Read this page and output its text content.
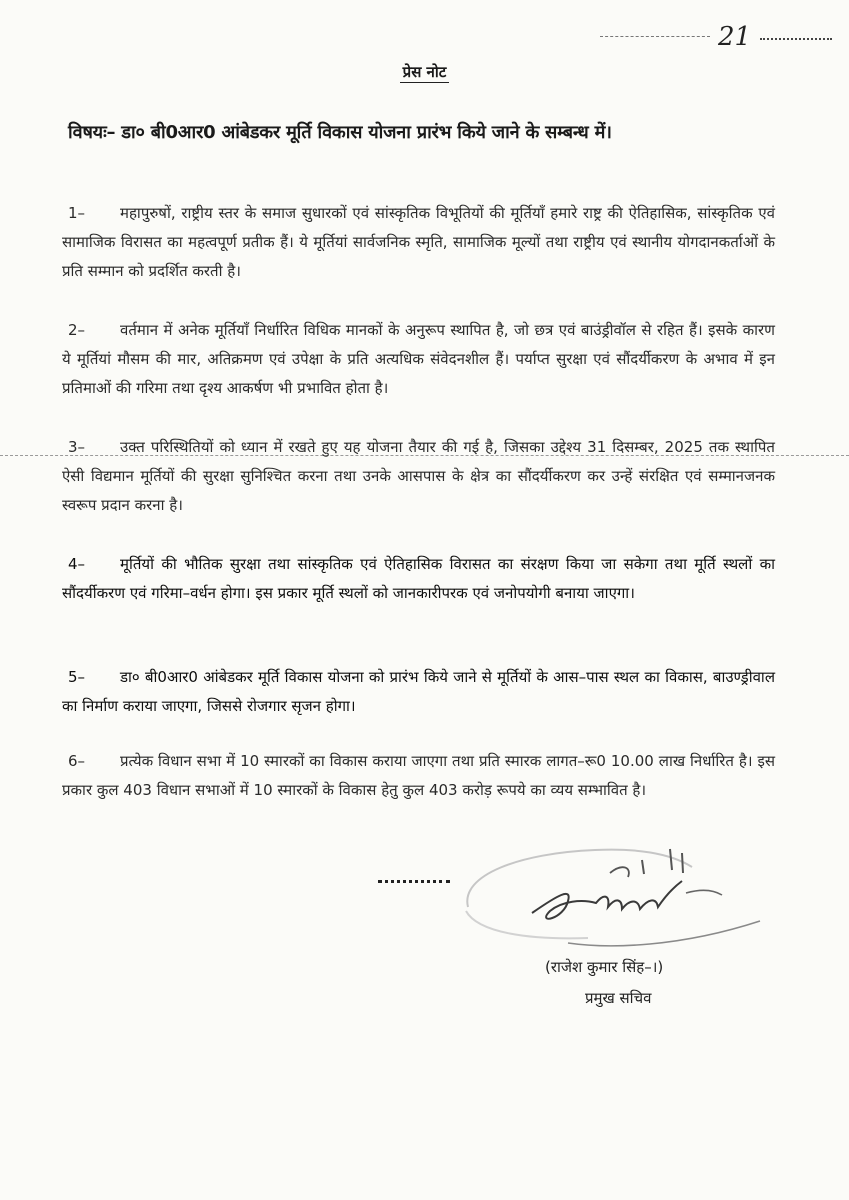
21
प्रेस नोट
विषयः– डा० बी0आर0 आंबेडकर मूर्ति विकास योजना प्रारंभ किये जाने के सम्बन्ध में।
1– महापुरुषों, राष्ट्रीय स्तर के समाज सुधारकों एवं सांस्कृतिक विभूतियों की मूर्तियाँ हमारे राष्ट्र की ऐतिहासिक, सांस्कृतिक एवं सामाजिक विरासत का महत्वपूर्ण प्रतीक हैं। ये मूर्तियां सार्वजनिक स्मृति, सामाजिक मूल्यों तथा राष्ट्रीय एवं स्थानीय योगदानकर्ताओं के प्रति सम्मान को प्रदर्शित करती है।
2– वर्तमान में अनेक मूर्तियाँ निर्धारित विधिक मानकों के अनुरूप स्थापित है, जो छत्र एवं बाउंड्रीवॉल से रहित हैं। इसके कारण ये मूर्तियां मौसम की मार, अतिक्रमण एवं उपेक्षा के प्रति अत्यधिक संवेदनशील हैं। पर्याप्त सुरक्षा एवं सौंदर्यीकरण के अभाव में इन प्रतिमाओं की गरिमा तथा दृश्य आकर्षण भी प्रभावित होता है।
3– उक्त परिस्थितियों को ध्यान में रखते हुए यह योजना तैयार की गई है, जिसका उद्देश्य 31 दिसम्बर, 2025 तक स्थापित ऐसी विद्यमान मूर्तियों की सुरक्षा सुनिश्चित करना तथा उनके आसपास के क्षेत्र का सौंदर्यीकरण कर उन्हें संरक्षित एवं सम्मानजनक स्वरूप प्रदान करना है।
4– मूर्तियों की भौतिक सुरक्षा तथा सांस्कृतिक एवं ऐतिहासिक विरासत का संरक्षण किया जा सकेगा तथा मूर्ति स्थलों का सौंदर्यीकरण एवं गरिमा–वर्धन होगा। इस प्रकार मूर्ति स्थलों को जानकारीपरक एवं जनोपयोगी बनाया जाएगा।
5– डा० बी0आर0 आंबेडकर मूर्ति विकास योजना को प्रारंभ किये जाने से मूर्तियों के आस–पास स्थल का विकास, बाउण्ड्रीवाल का निर्माण कराया जाएगा, जिससे रोजगार सृजन होगा।
6– प्रत्येक विधान सभा में 10 स्मारकों का विकास कराया जाएगा तथा प्रति स्मारक लागत–रू0 10.00 लाख निर्धारित है। इस प्रकार कुल 403 विधान सभाओं में 10 स्मारकों के विकास हेतु कुल 403 करोड़ रूपये का व्यय सम्भावित है।
(राजेश कुमार सिंह–।)
प्रमुख सचिव
